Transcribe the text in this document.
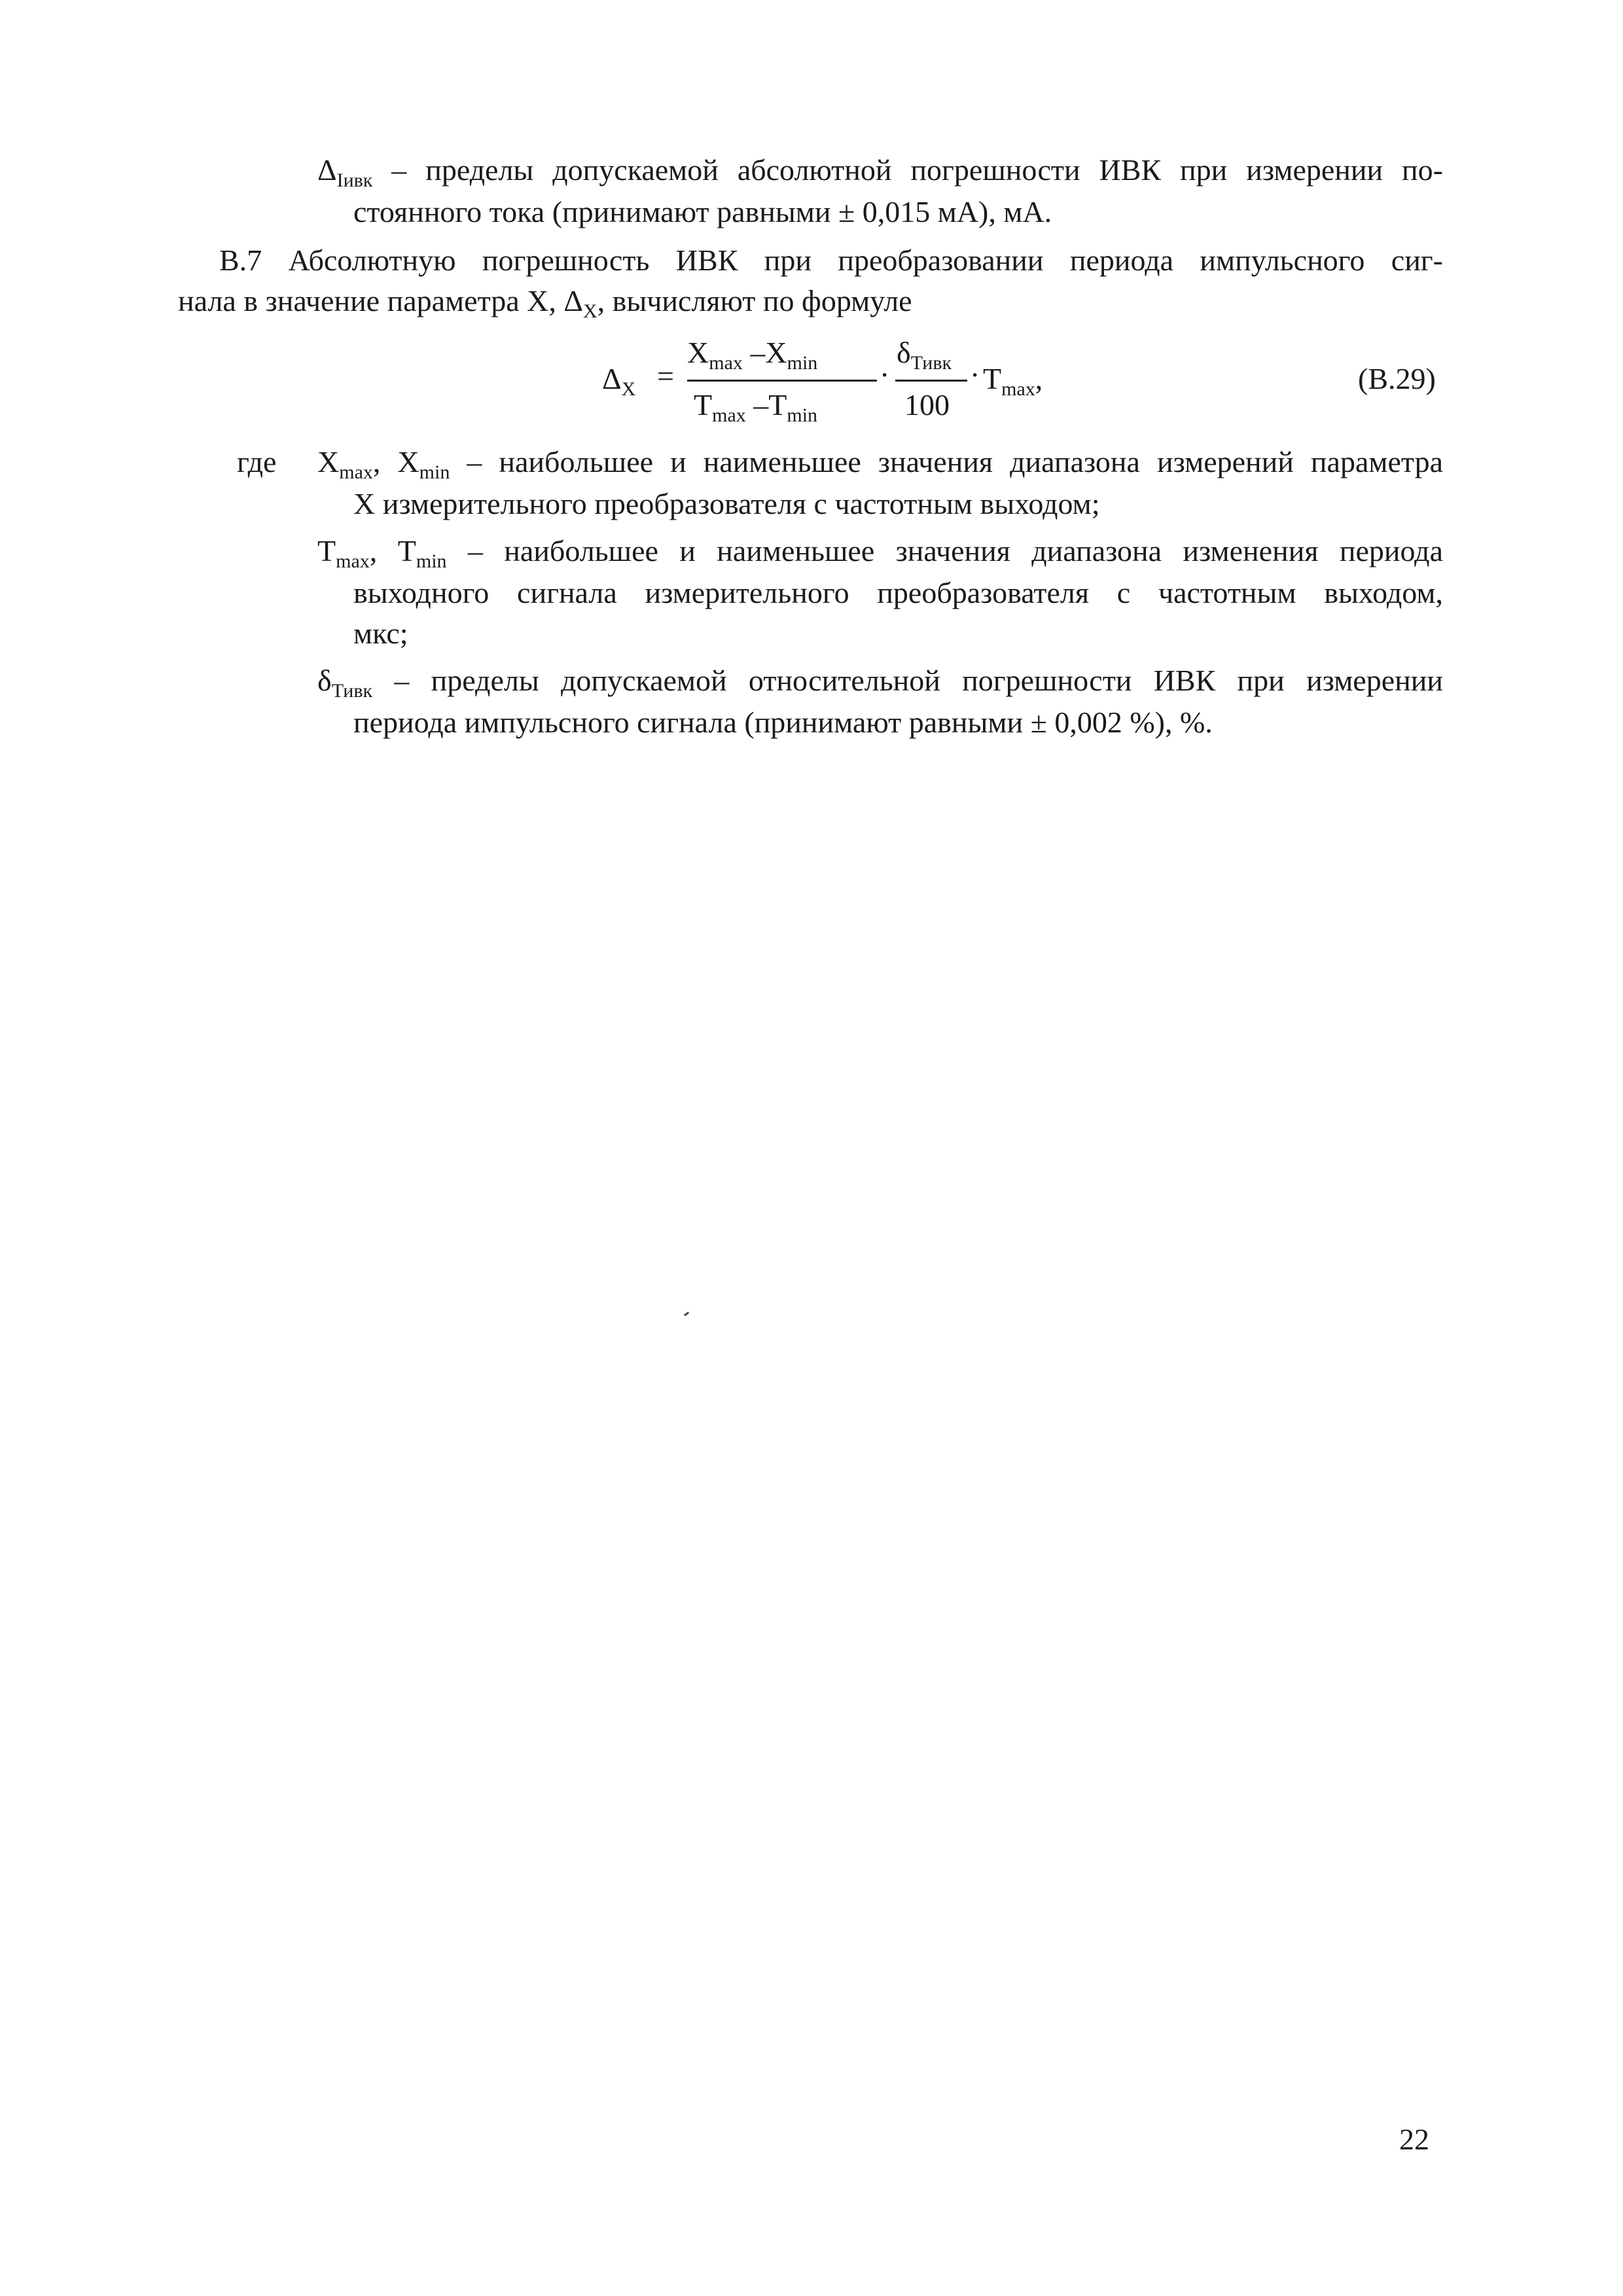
$\Delta_{Iивк}$ – пределы допускаемой абсолютной погрешности ИВК при измерении по-
стоянного тока (принимают равными ± 0,015 мА), мА.
В.7 Абсолютную погрешность ИВК при преобразовании периода импульсного сиг-
нала в значение параметра X, $\Delta_X$, вычисляют по формуле
$\Delta_X$ =
$X_{max}$ $-X_{min}$
$T_{max}$ $-T_{min}$
·
$\delta_{Тивк}$
100
· $T_{max}$,	(В.29)
где $X_{max}$, $X_{min}$ – наибольшее и наименьшее значения диапазона измерений параметра
X измерительного преобразователя с частотным выходом;
$T_{max}$, $T_{min}$ – наибольшее и наименьшее значения диапазона изменения периода
выходного сигнала измерительного преобразователя с частотным выходом,
мкс;
$\delta_{Тивк}$ – пределы допускаемой относительной погрешности ИВК при измерении
периода импульсного сигнала (принимают равными ± 0,002 %), %.
22
